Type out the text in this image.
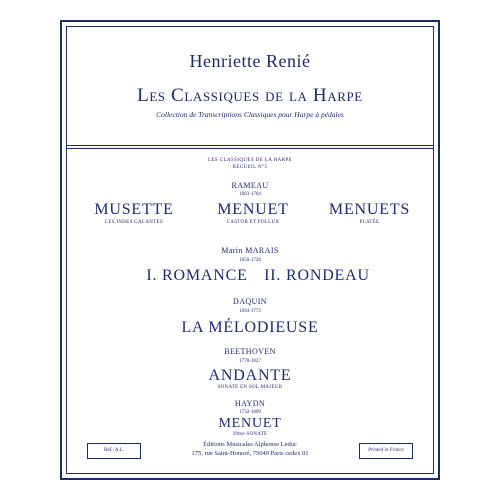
Henriette Renié
Les Classiques de la Harpe
Collection de Transcriptions Classiques pour Harpe à pédales
LES CLASSIQUES DE LA HARPE
RECUEIL N°5
RAMEAU
1683-1764
MUSETTE
LES INDES GALANTES
MENUET
CASTOR ET POLLUX
MENUETS
PLATÉE
Marin MARAIS
1656-1728
I. ROMANCE	II. RONDEAU
DAQUIN
1694-1772
LA MÉLODIEUSE
BEETHOVEN
1770-1827
ANDANTE
SONATE EN SOL MAJEUR
HAYDN
1732-1809
MENUET
39me SONATE
Éditions Musicales Alphonse Leduc
175, rue Saint-Honoré, 75040 Paris cedex 01
Réf.: A.L.	Printed in France
